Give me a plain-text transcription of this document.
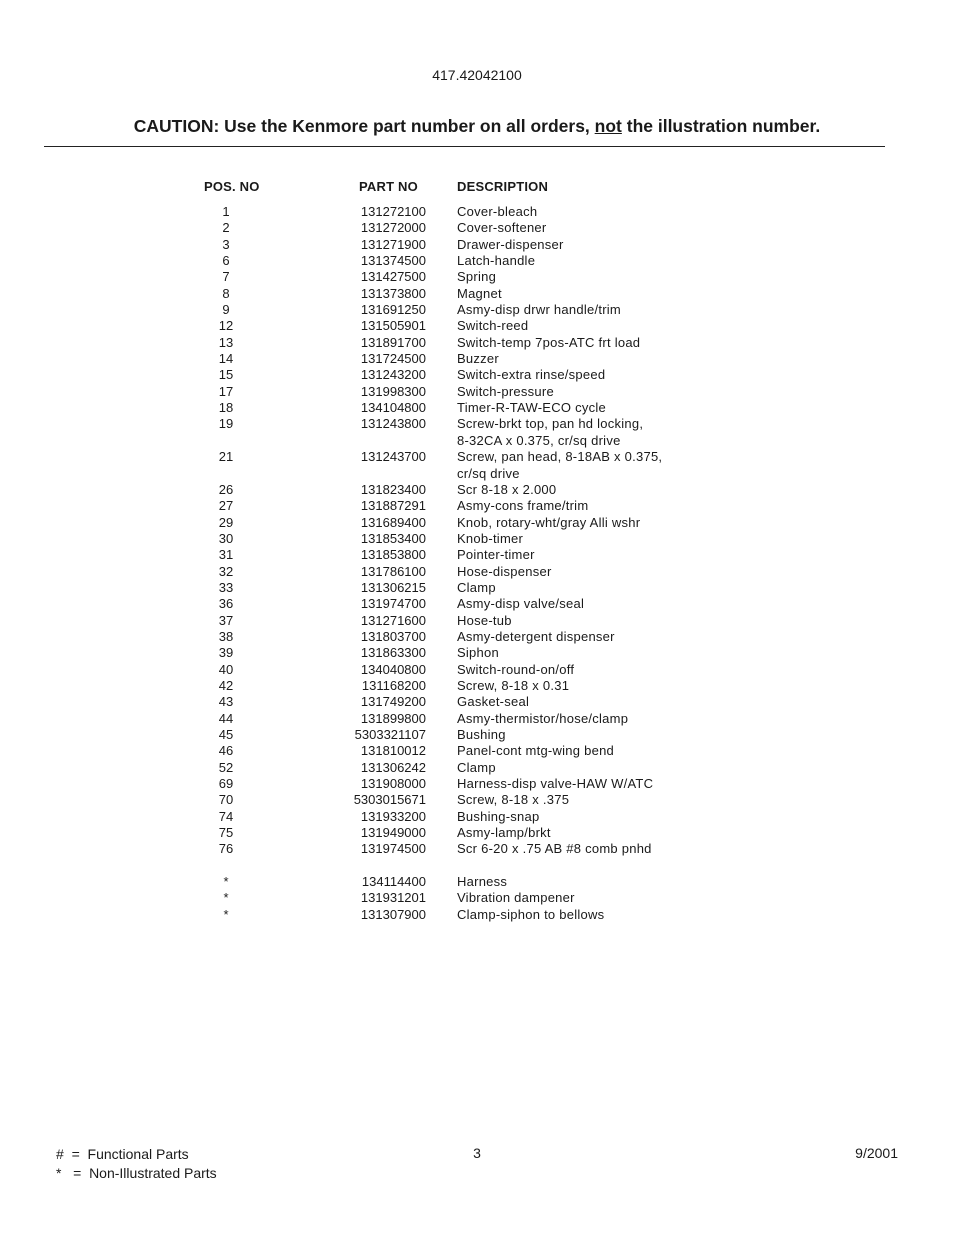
417.42042100
CAUTION: Use the Kenmore part number on all orders, not the illustration number.
POS. NO	PART NO	DESCRIPTION
1	131272100 Cover-bleach
2	131272000 Cover-softener
3	131271900 Drawer-dispenser
6	131374500 Latch-handle
7	131427500 Spring
8	131373800 Magnet
9	131691250 Asmy-disp drwr handle/trim
12	131505901 Switch-reed
13	131891700 Switch-temp 7pos-ATC frt load
14	131724500 Buzzer
15	131243200 Switch-extra rinse/speed
17	131998300 Switch-pressure
18	134104800 Timer-R-TAW-ECO cycle
19	131243800 Screw-brkt top, pan hd locking,
8-32CA x 0.375, cr/sq drive
21	131243700 Screw, pan head, 8-18AB x 0.375,
cr/sq drive
26	131823400 Scr 8-18 x 2.000
27	131887291 Asmy-cons frame/trim
29	131689400 Knob, rotary-wht/gray Alli wshr
30	131853400 Knob-timer
31	131853800 Pointer-timer
32	131786100 Hose-dispenser
33	131306215 Clamp
36	131974700 Asmy-disp valve/seal
37	131271600 Hose-tub
38	131803700 Asmy-detergent dispenser
39	131863300 Siphon
40	134040800 Switch-round-on/off
42	131168200 Screw, 8-18 x 0.31
43	131749200 Gasket-seal
44	131899800 Asmy-thermistor/hose/clamp
45	5303321107 Bushing
46	131810012 Panel-cont mtg-wing bend
52	131306242 Clamp
69	131908000 Harness-disp valve-HAW W/ATC
70	5303015671 Screw, 8-18 x .375
74	131933200 Bushing-snap
75	131949000 Asmy-lamp/brkt
76	131974500 Scr 6-20 x .75 AB #8 comb pnhd
*	134114400 Harness
*	131931201 Vibration dampener
*	131307900 Clamp-siphon to bellows
#  =  Functional Parts
*   =  Non-Illustrated Parts
3	9/2001
